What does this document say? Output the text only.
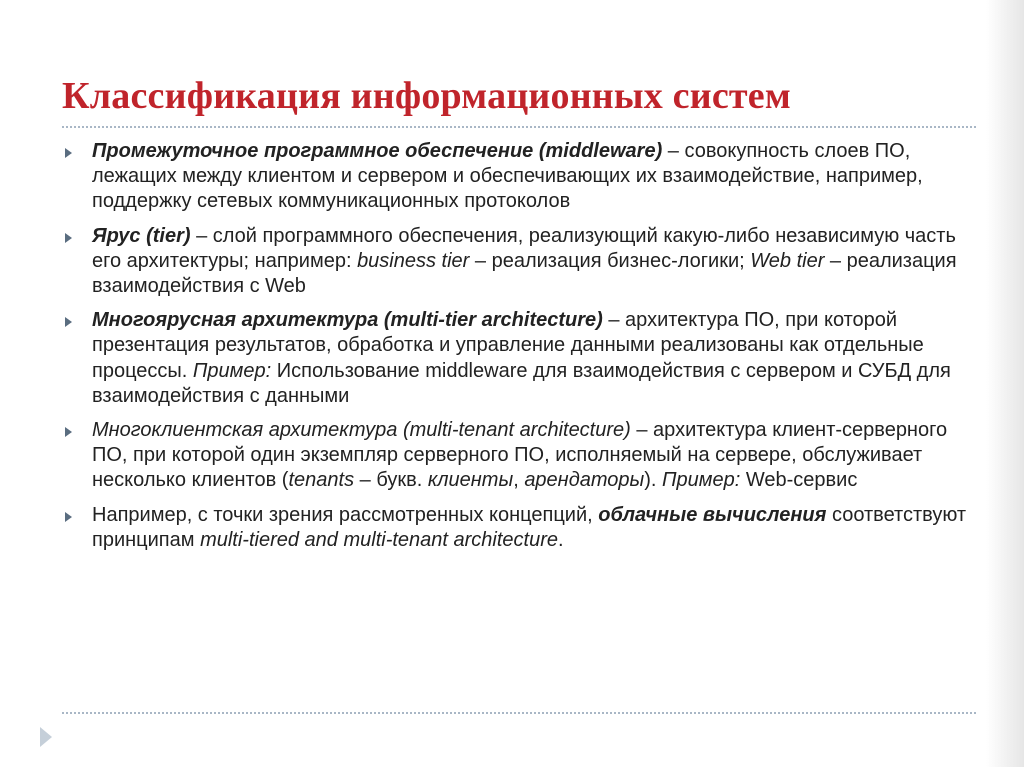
Классификация информационных систем
Промежуточное программное обеспечение (middleware) – совокупность слоев ПО, лежащих между клиентом и сервером и обеспечивающих их взаимодействие, например, поддержку сетевых коммуникационных протоколов
Ярус (tier) – слой программного обеспечения, реализующий какую-либо независимую часть его архитектуры; например: business tier – реализация бизнес-логики; Web tier – реализация взаимодействия с Web
Многоярусная архитектура (multi-tier architecture) – архитектура ПО, при которой презентация результатов, обработка и управление данными реализованы как отдельные процессы. Пример: Использование middleware для взаимодействия с сервером и СУБД для взаимодействия с данными
Многоклиентская архитектура (multi-tenant architecture) – архитектура клиент-серверного ПО, при которой один экземпляр серверного ПО, исполняемый на сервере, обслуживает несколько клиентов (tenants – букв. клиенты, арендаторы). Пример: Web-сервис
Например, с точки зрения рассмотренных концепций, облачные вычисления соответствуют принципам multi-tiered and multi-tenant architecture.
